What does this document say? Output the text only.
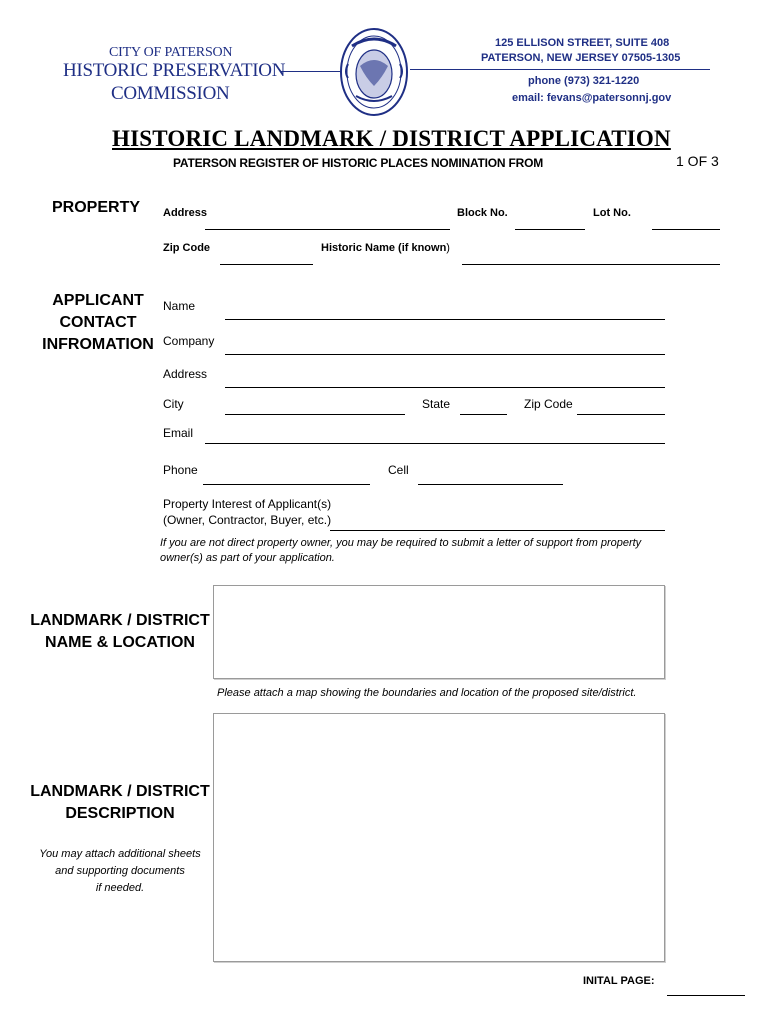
CITY OF PATERSON
HISTORIC PRESERVATION
COMMISSION
125 ELLISON STREET, SUITE 408
PATERSON, NEW JERSEY 07505-1305
phone (973) 321-1220
email: fevans@patersonnj.gov
HISTORIC LANDMARK / DISTRICT APPLICATION
PATERSON REGISTER OF HISTORIC PLACES NOMINATION FROM	1 OF 3
PROPERTY Address	Block No.	Lot No.
Zip Code	Historic Name (if known)
APPLICANT
CONTACT
INFROMATION
Name
Company
Address
City	State	Zip Code
Email
Phone	Cell
Property Interest of Applicant(s)
(Owner, Contractor, Buyer, etc.)
If you are not direct property owner, you may be required to submit a letter of support from property
owner(s) as part of your application.
LANDMARK / DISTRICT
NAME & LOCATION
Please attach a map showing the boundaries and location of the proposed site/district.
LANDMARK / DISTRICT
DESCRIPTION
You may attach additional sheets
and supporting documents
if needed.
INITAL PAGE:
